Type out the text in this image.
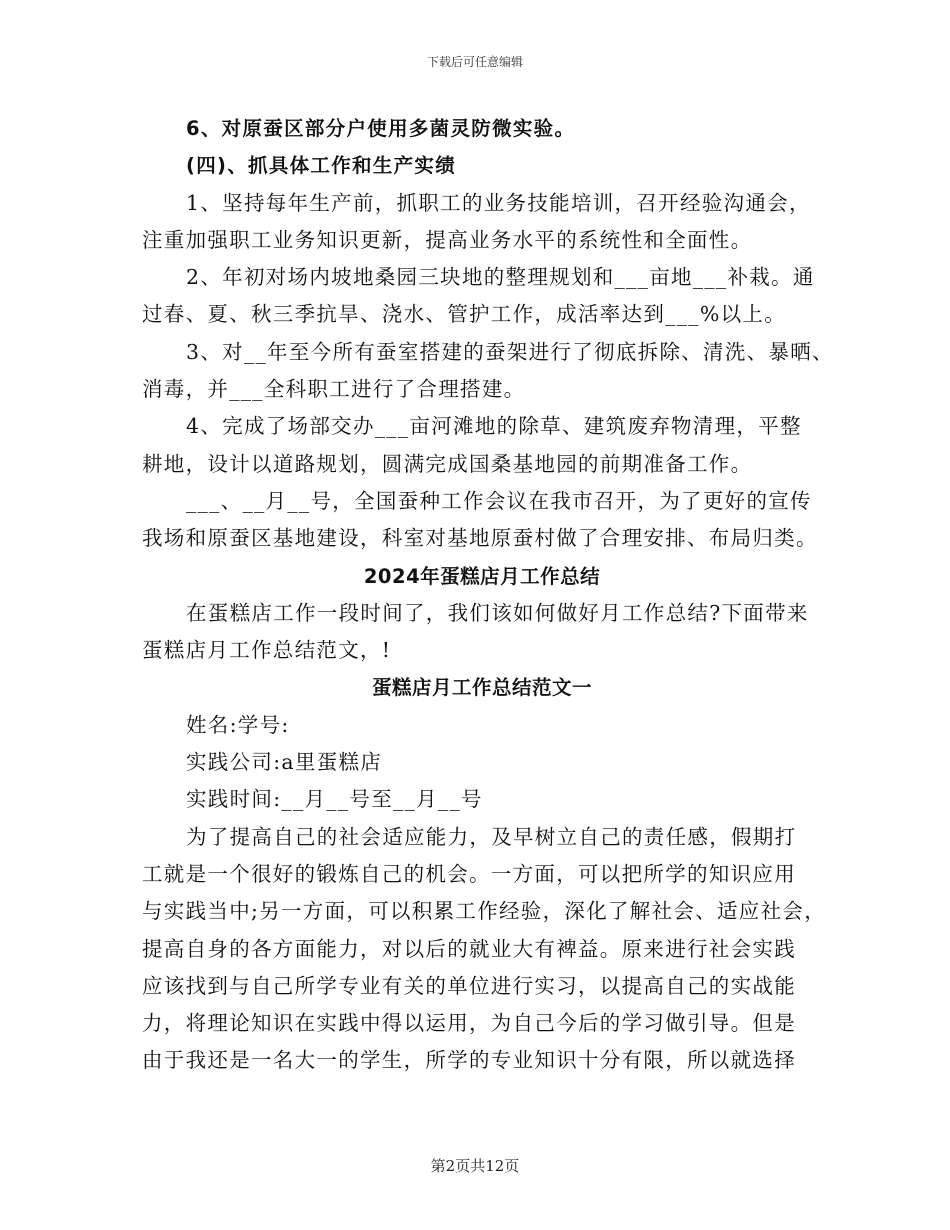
下载后可任意编辑
6、对原蚕区部分户使用多菌灵防微实验。
(四)、抓具体工作和生产实绩
1、坚持每年生产前，抓职工的业务技能培训，召开经验沟通会，
注重加强职工业务知识更新，提高业务水平的系统性和全面性。
2、年初对场内坡地桑园三块地的整理规划和___亩地___补栽。通
过春、夏、秋三季抗旱、浇水、管护工作，成活率达到___%以上。
3、对__年至今所有蚕室搭建的蚕架进行了彻底拆除、清洗、暴晒、
消毒，并___全科职工进行了合理搭建。
4、完成了场部交办___亩河滩地的除草、建筑废弃物清理，平整
耕地，设计以道路规划，圆满完成国桑基地园的前期准备工作。
___、__月__号，全国蚕种工作会议在我市召开，为了更好的宣传
我场和原蚕区基地建设，科室对基地原蚕村做了合理安排、布局归类。
2024年蛋糕店月工作总结
在蛋糕店工作一段时间了，我们该如何做好月工作总结?下面带来
蛋糕店月工作总结范文，!
蛋糕店月工作总结范文一
姓名:学号:
实践公司:a里蛋糕店
实践时间:__月__号至__月__号
为了提高自己的社会适应能力，及早树立自己的责任感，假期打
工就是一个很好的锻炼自己的机会。一方面，可以把所学的知识应用
与实践当中;另一方面，可以积累工作经验，深化了解社会、适应社会，
提高自身的各方面能力，对以后的就业大有裨益。原来进行社会实践
应该找到与自己所学专业有关的单位进行实习，以提高自己的实战能
力，将理论知识在实践中得以运用，为自己今后的学习做引导。但是
由于我还是一名大一的学生，所学的专业知识十分有限，所以就选择
第2页共12页
